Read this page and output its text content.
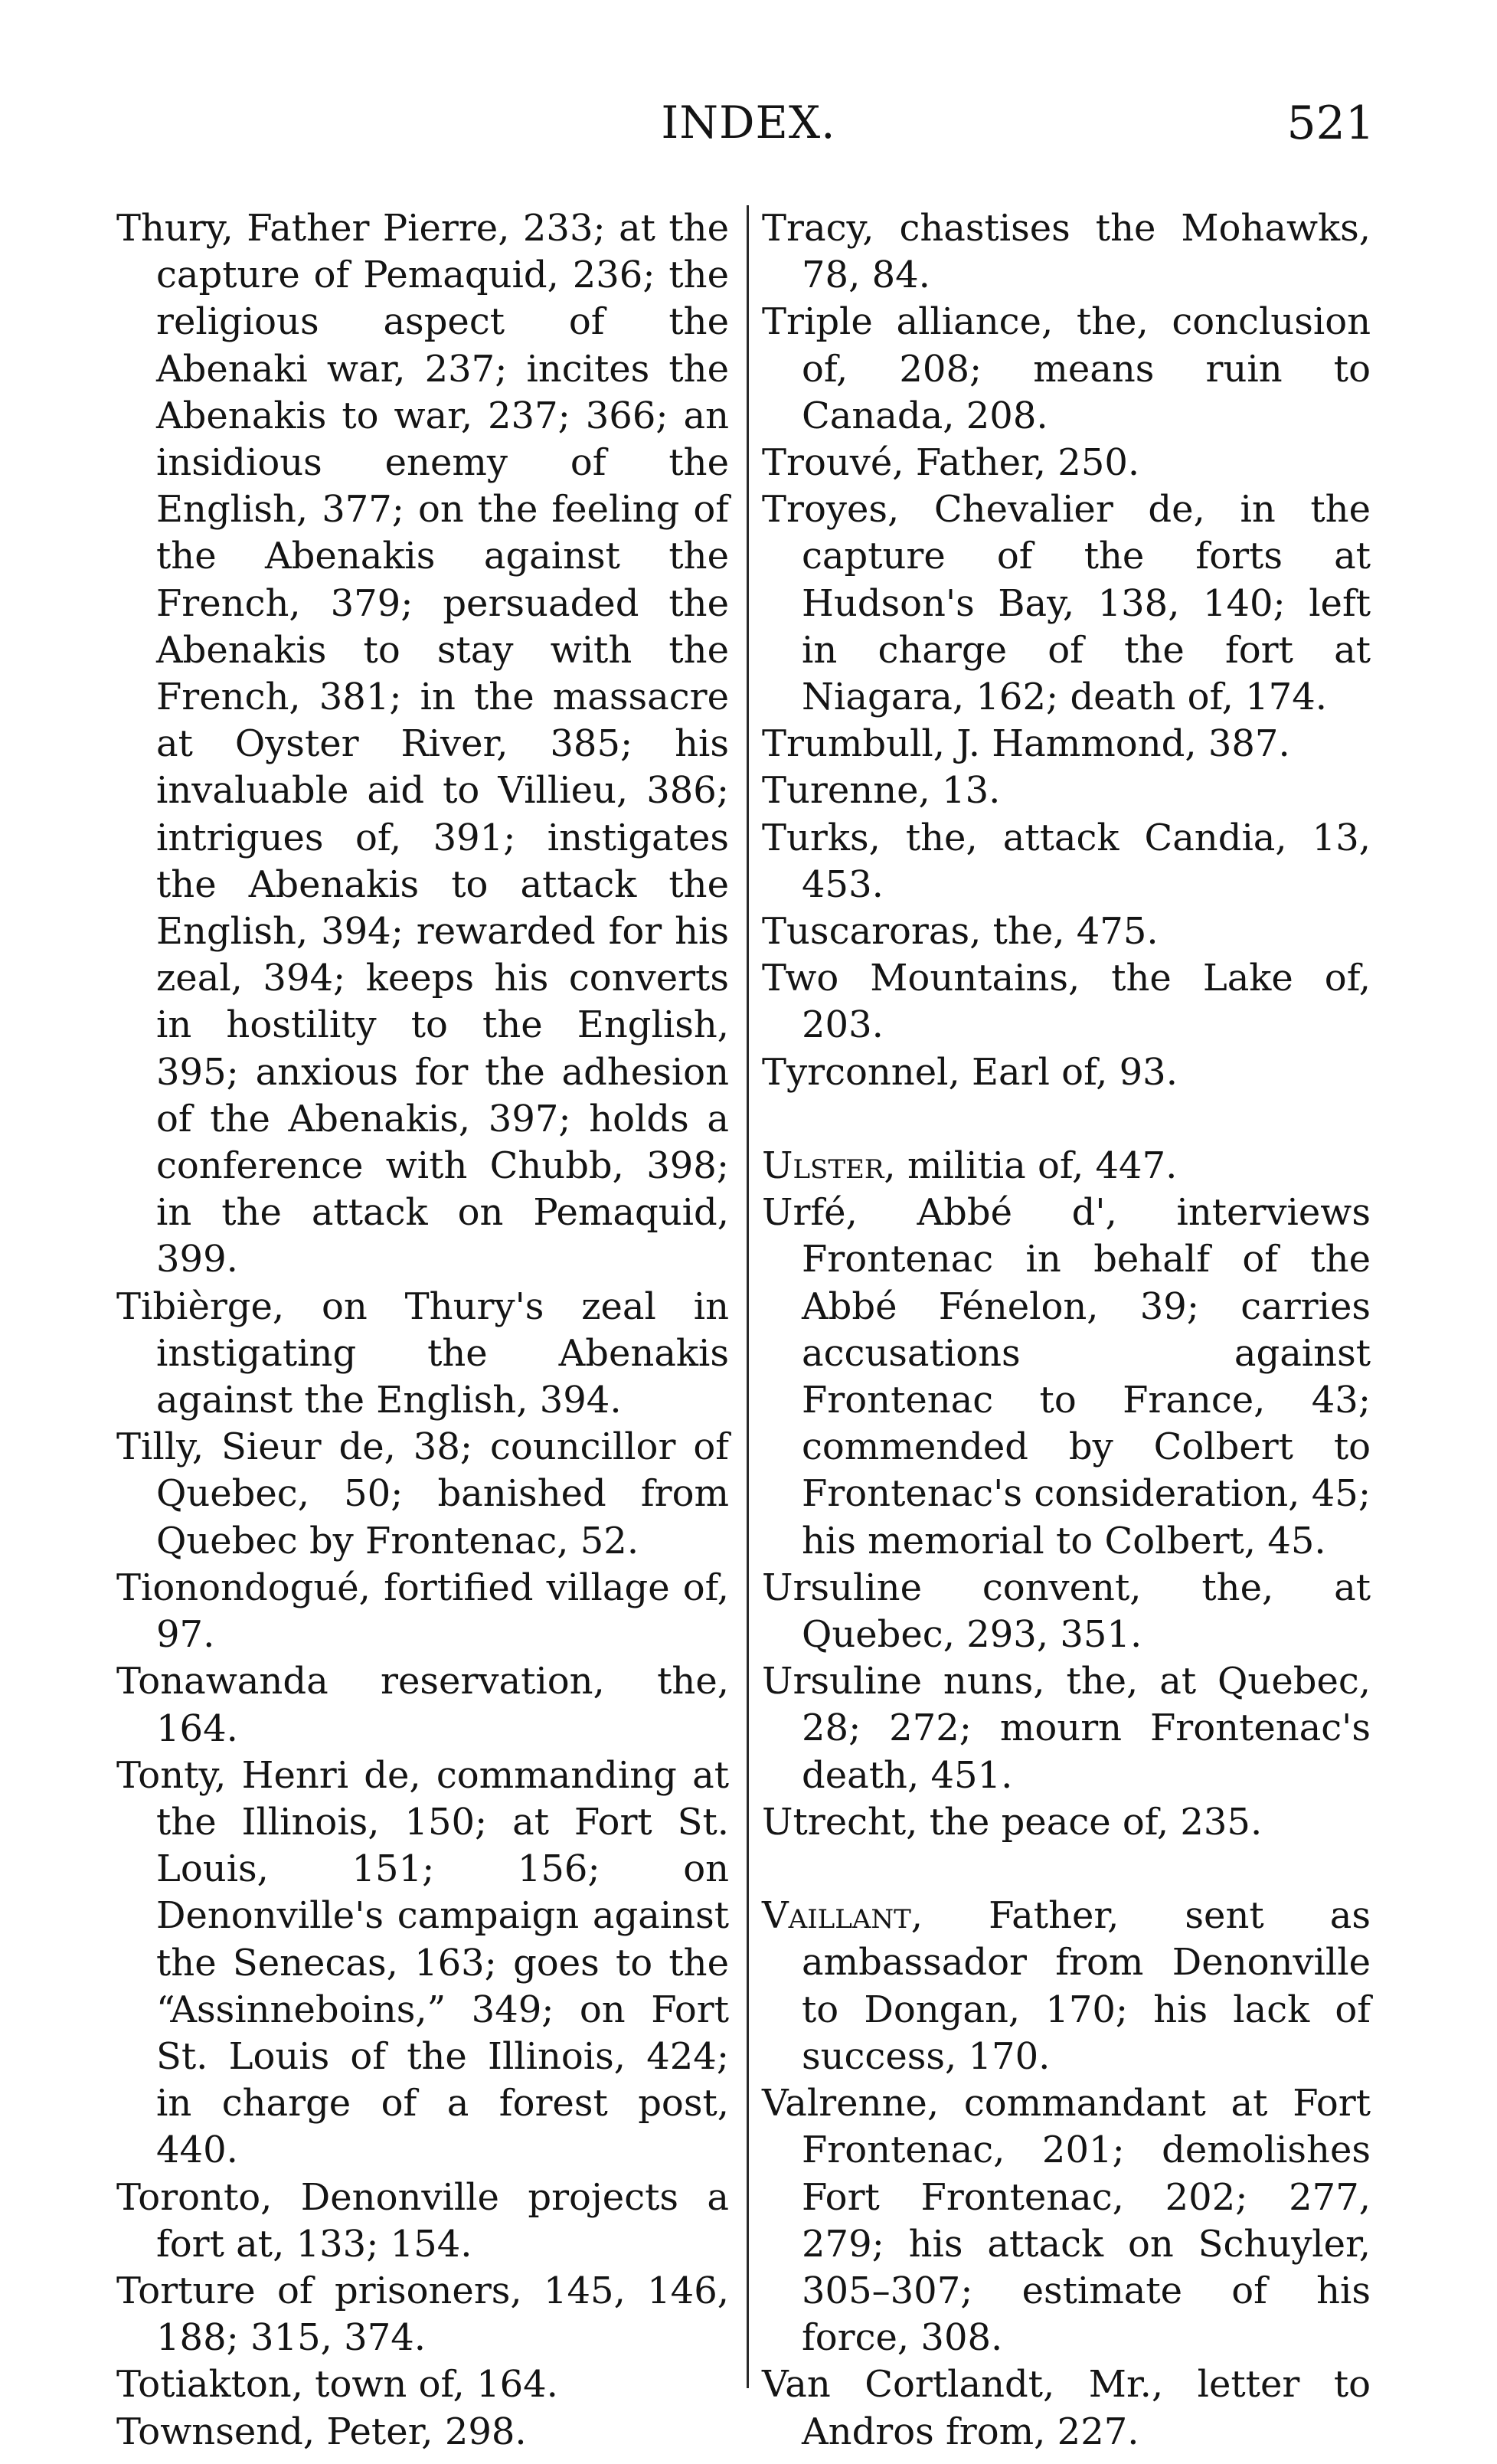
INDEX.	521

Thury, Father Pierre, 233; at the capture of Pemaquid, 236; the religious aspect of the Abenaki war, 237; incites the Abenakis to war, 237; 366; an insidious enemy of the English, 377; on the feeling of the Abenakis against the French, 379; persuaded the Abenakis to stay with the French, 381; in the massacre at Oyster River, 385; his invaluable aid to Villieu, 386; intrigues of, 391; instigates the Abenakis to attack the English, 394; rewarded for his zeal, 394; keeps his converts in hostility to the English, 395; anxious for the adhesion of the Abenakis, 397; holds a conference with Chubb, 398; in the attack on Pemaquid, 399.

Tibièrge, on Thury's zeal in instigating the Abenakis against the English, 394.

Tilly, Sieur de, 38; councillor of Quebec, 50; banished from Quebec by Frontenac, 52.

Tionondogué, fortified village of, 97.

Tonawanda reservation, the, 164.

Tonty, Henri de, commanding at the Illinois, 150; at Fort St. Louis, 151; 156; on Denonville's campaign against the Senecas, 163; goes to the “Assinneboins,” 349; on Fort St. Louis of the Illinois, 424; in charge of a forest post, 440.

Toronto, Denonville projects a fort at, 133; 154.

Torture of prisoners, 145, 146, 188; 315, 374.

Totiakton, town of, 164.

Townsend, Peter, 298.

Tracy, chastises the Mohawks, 78, 84.

Triple alliance, the, conclusion of, 208; means ruin to Canada, 208.

Trouvé, Father, 250.

Troyes, Chevalier de, in the capture of the forts at Hudson's Bay, 138, 140; left in charge of the fort at Niagara, 162; death of, 174.

Trumbull, J. Hammond, 387.

Turenne, 13.

Turks, the, attack Candia, 13, 453.

Tuscaroras, the, 475.

Two Mountains, the Lake of, 203.

Tyrconnel, Earl of, 93.

Ulster, militia of, 447.

Urfé, Abbé d', interviews Frontenac in behalf of the Abbé Fénelon, 39; carries accusations against Frontenac to France, 43; commended by Colbert to Frontenac's consideration, 45; his memorial to Colbert, 45.

Ursuline convent, the, at Quebec, 293, 351.

Ursuline nuns, the, at Quebec, 28; 272; mourn Frontenac's death, 451.

Utrecht, the peace of, 235.

Vaillant, Father, sent as ambassador from Denonville to Dongan, 170; his lack of success, 170.

Valrenne, commandant at Fort Frontenac, 201; demolishes Fort Frontenac, 202; 277, 279; his attack on Schuyler, 305–307; estimate of his force, 308.

Van Cortlandt, Mr., letter to Andros from, 227.
